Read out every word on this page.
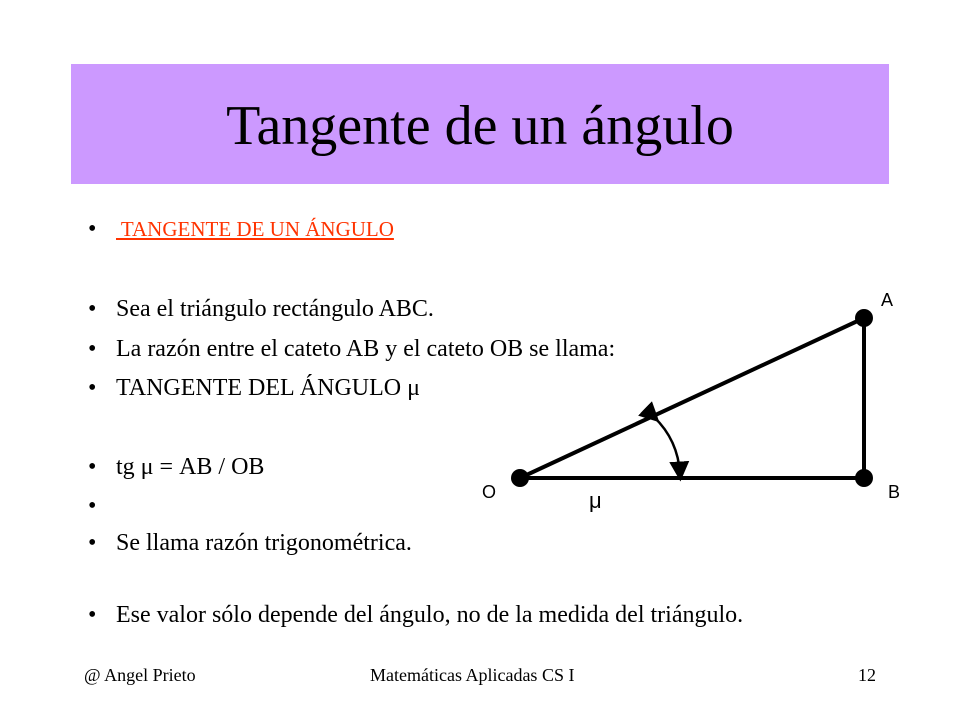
Tangente de un ángulo
• TANGENTE DE UN ÁNGULO
• Sea el triángulo rectángulo ABC.
• La razón entre el cateto AB y el cateto OB se llama:
• TANGENTE DEL ÁNGULO μ
• tg μ = AB / OB
•
• Se llama razón trigonométrica.
• Ese valor sólo depende del ángulo, no de la medida del triángulo.
A
B
O	μ
@ Angel Prieto	Matemáticas Aplicadas CS I	12
